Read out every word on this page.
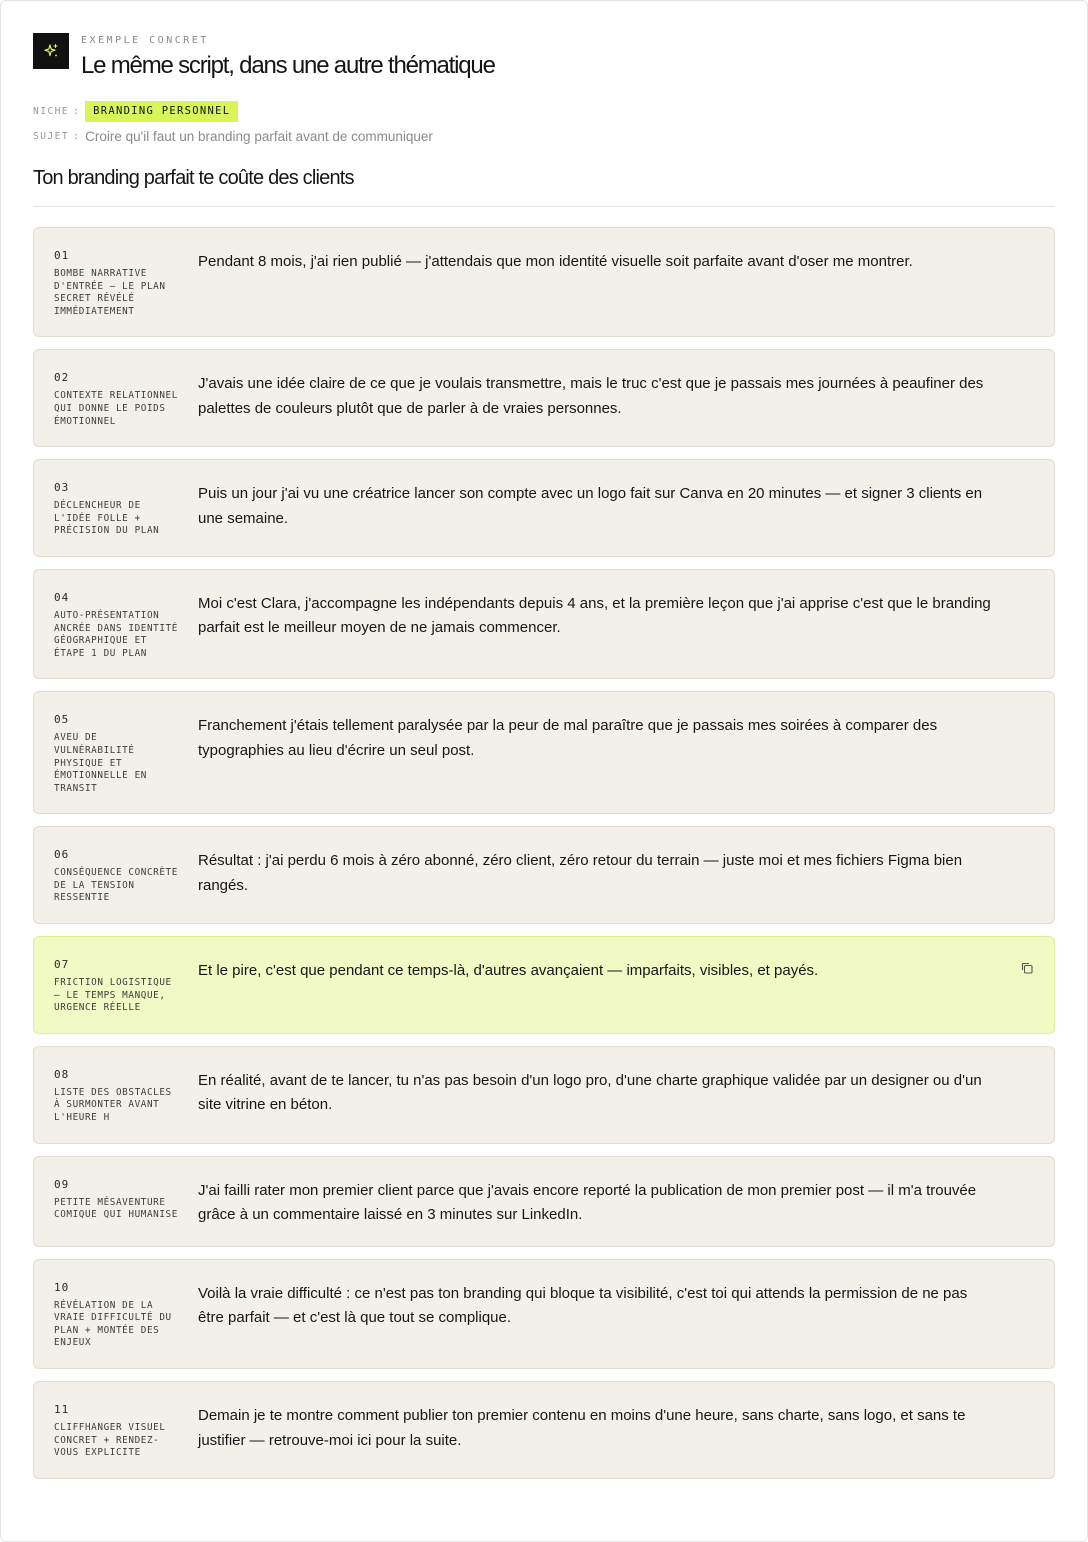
EXEMPLE CONCRET
Le même script, dans une autre thématique
NICHE :	BRANDING PERSONNEL
SUJET : Croire qu'il faut un branding parfait avant de communiquer
Ton branding parfait te coûte des clients
01
BOMBE NARRATIVE D'ENTRÉE — LE PLAN SECRET RÉVÉLÉ IMMÉDIATEMENT
Pendant 8 mois, j'ai rien publié — j'attendais que mon identité visuelle soit parfaite avant d'oser me montrer.
02
CONTEXTE RELATIONNEL QUI DONNE LE POIDS ÉMOTIONNEL
J'avais une idée claire de ce que je voulais transmettre, mais le truc c'est que je passais mes journées à peaufiner des palettes de couleurs plutôt que de parler à de vraies personnes.
03
DÉCLENCHEUR DE L'IDÉE FOLLE + PRÉCISION DU PLAN
Puis un jour j'ai vu une créatrice lancer son compte avec un logo fait sur Canva en 20 minutes — et signer 3 clients en une semaine.
04
AUTO-PRÉSENTATION ANCRÉE DANS IDENTITÉ GÉOGRAPHIQUE ET ÉTAPE 1 DU PLAN
Moi c'est Clara, j'accompagne les indépendants depuis 4 ans, et la première leçon que j'ai apprise c'est que le branding parfait est le meilleur moyen de ne jamais commencer.
05
AVEU DE VULNÉRABILITÉ PHYSIQUE ET ÉMOTIONNELLE EN TRANSIT
Franchement j'étais tellement paralysée par la peur de mal paraître que je passais mes soirées à comparer des typographies au lieu d'écrire un seul post.
06
CONSÉQUENCE CONCRÈTE DE LA TENSION RESSENTIE
Résultat : j'ai perdu 6 mois à zéro abonné, zéro client, zéro retour du terrain — juste moi et mes fichiers Figma bien rangés.
07
FRICTION LOGISTIQUE — LE TEMPS MANQUE, URGENCE RÉELLE
Et le pire, c'est que pendant ce temps-là, d'autres avançaient — imparfaits, visibles, et payés.
08
LISTE DES OBSTACLES À SURMONTER AVANT L'HEURE H
En réalité, avant de te lancer, tu n'as pas besoin d'un logo pro, d'une charte graphique validée par un designer ou d'un site vitrine en béton.
09
PETITE MÉSAVENTURE COMIQUE QUI HUMANISE
J'ai failli rater mon premier client parce que j'avais encore reporté la publication de mon premier post — il m'a trouvée grâce à un commentaire laissé en 3 minutes sur LinkedIn.
10
RÉVÉLATION DE LA VRAIE DIFFICULTÉ DU PLAN + MONTÉE DES ENJEUX
Voilà la vraie difficulté : ce n'est pas ton branding qui bloque ta visibilité, c'est toi qui attends la permission de ne pas être parfait — et c'est là que tout se complique.
11
CLIFFHANGER VISUEL CONCRET + RENDEZ-VOUS EXPLICITE
Demain je te montre comment publier ton premier contenu en moins d'une heure, sans charte, sans logo, et sans te justifier — retrouve-moi ici pour la suite.
